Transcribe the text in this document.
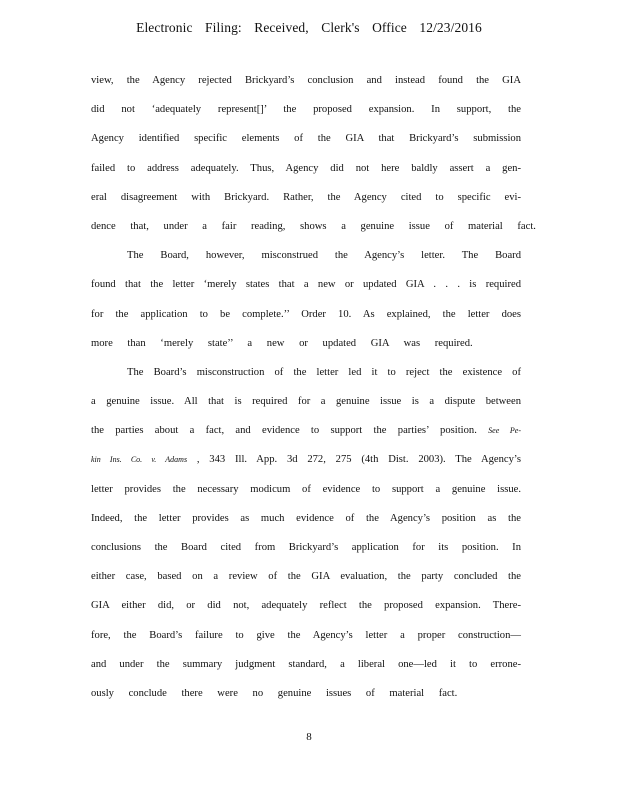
Electronic Filing: Received, Clerk's Office 12/23/2016
view, the Agency rejected Brickyard’s conclusion and instead found the GIA
did not ‘adequately represent[]’ the proposed expansion. In support, the
Agency identified specific elements of the GIA that Brickyard’s submission
failed to address adequately. Thus, Agency did not here baldly assert a gen-
eral disagreement with Brickyard. Rather, the Agency cited to specific evi-
dence that, under a fair reading, shows a genuine issue of material fact.
The Board, however, misconstrued the Agency’s letter. The Board
found that the letter ‘merely states that a new or updated GIA . . . is required
for the application to be complete.’’ Order 10. As explained, the letter does
more than ‘merely state’’ a new or updated GIA was required.
The Board’s misconstruction of the letter led it to reject the existence of
a genuine issue. All that is required for a genuine issue is a dispute between
the parties about a fact, and evidence to support the parties’ position. See Pe-
kin Ins. Co. v. Adams , 343 Ill. App. 3d 272, 275 (4th Dist. 2003). The Agency’s
letter provides the necessary modicum of evidence to support a genuine issue.
Indeed, the letter provides as much evidence of the Agency’s position as the
conclusions the Board cited from Brickyard’s application for its position. In
either case, based on a review of the GIA evaluation, the party concluded the
GIA either did, or did not, adequately reflect the proposed expansion. There-
fore, the Board’s failure to give the Agency’s letter a proper construction—
and under the summary judgment standard, a liberal one—led it to errone-
ously conclude there were no genuine issues of material fact.
8
